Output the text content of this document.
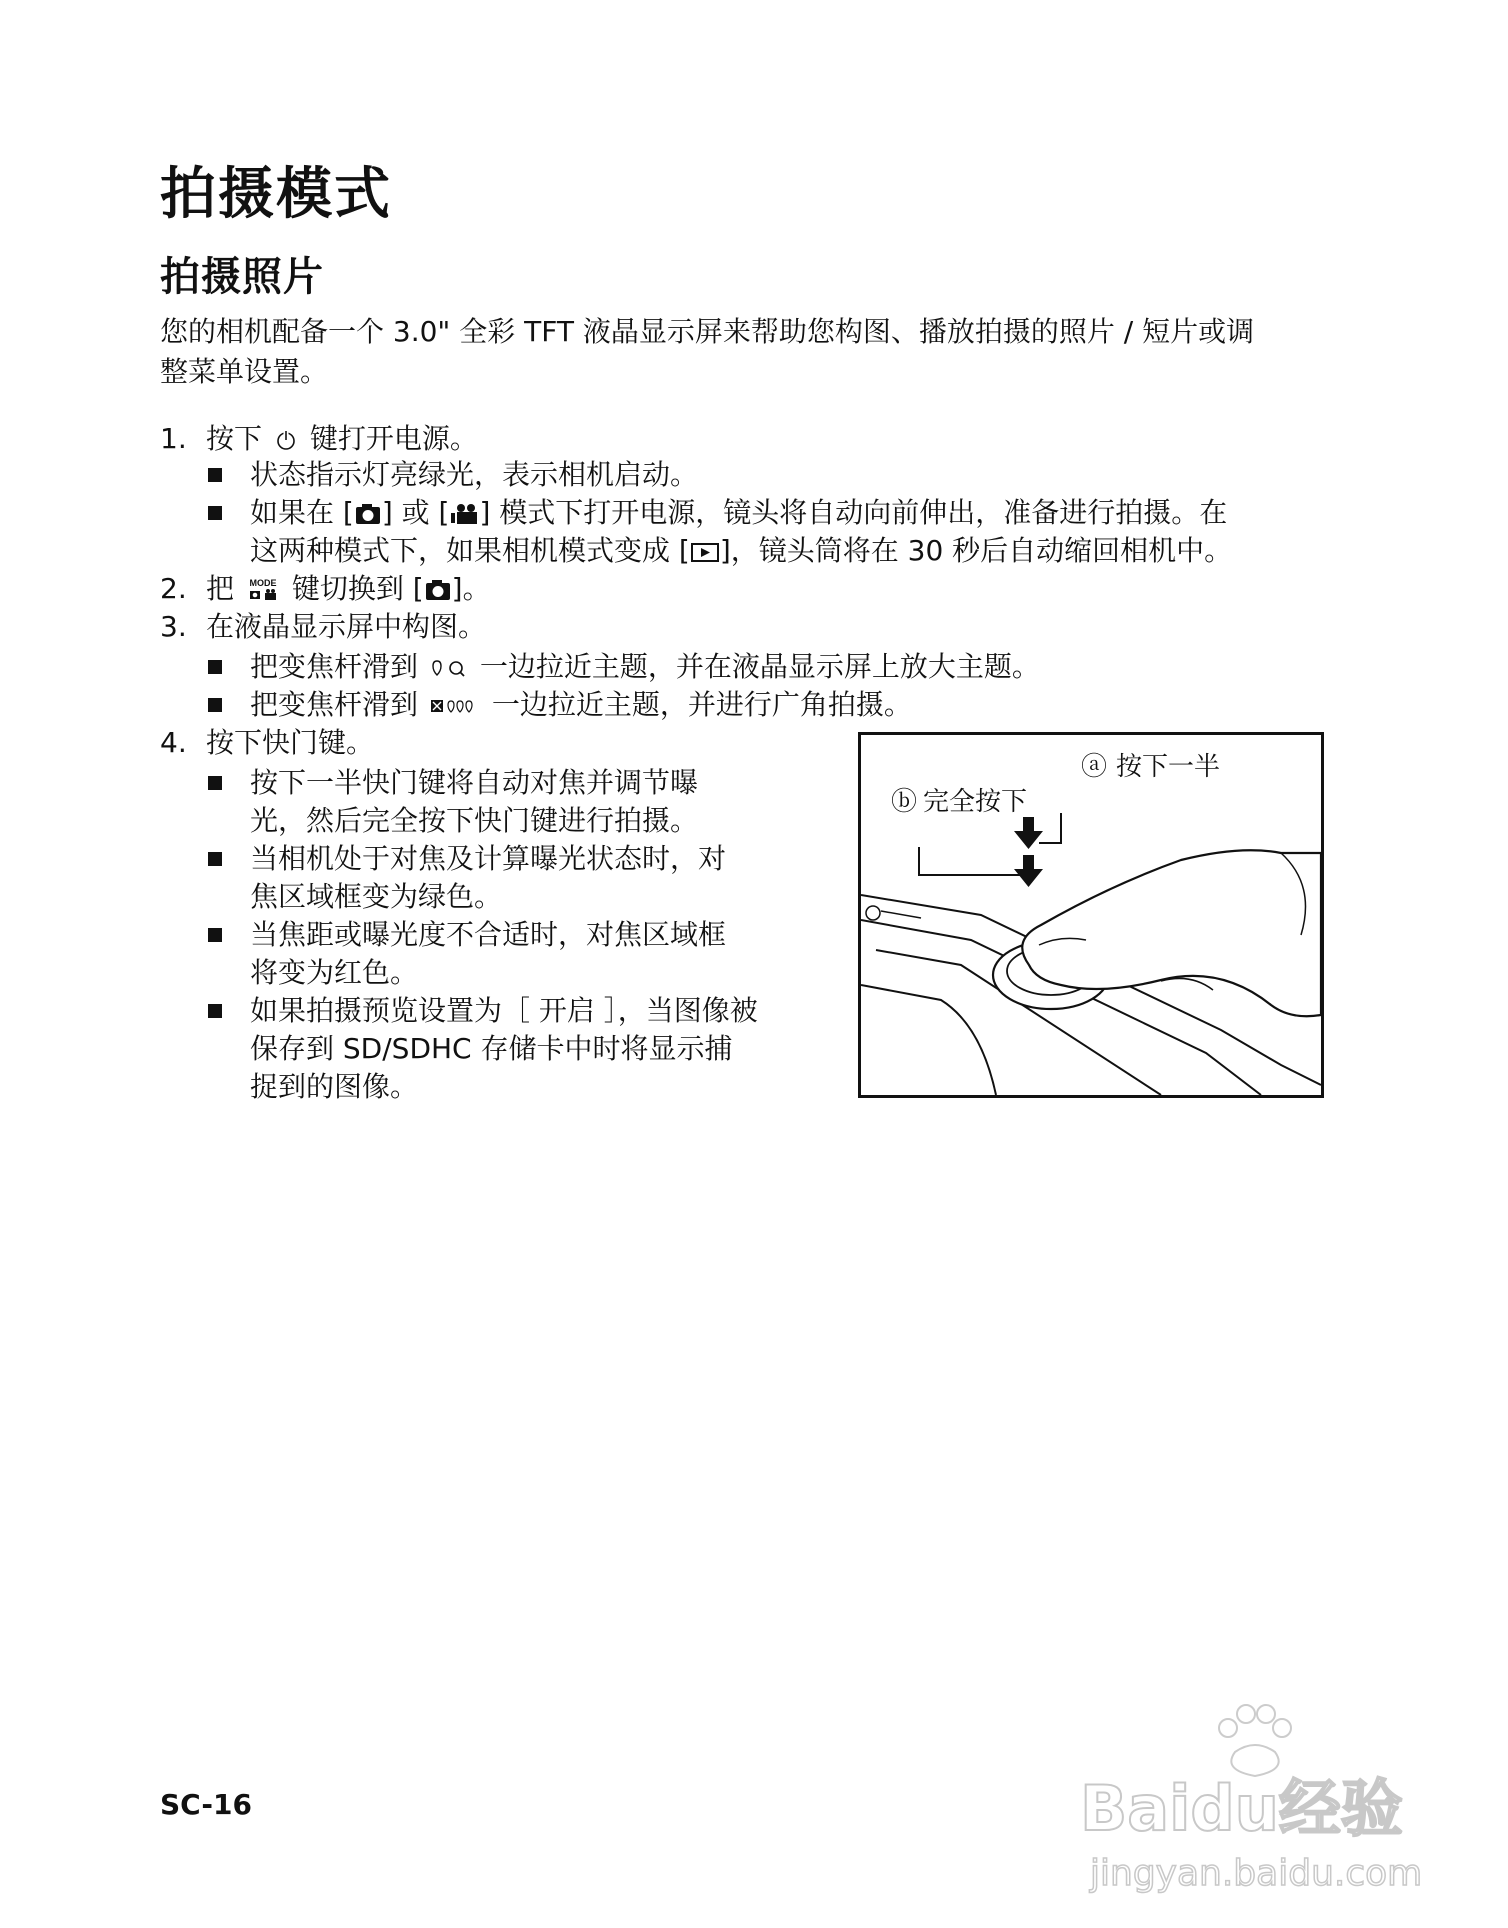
拍摄模式
拍摄照片
您的相机配备一个 3.0" 全彩 TFT 液晶显示屏来帮助您构图、播放拍摄的照片 / 短片或调
整菜单设置。
1. 按下 键打开电源。
状态指示灯亮绿光，表示相机启动。
如果在 [ ] 或 [ ] 模式下打开电源，镜头将自动向前伸出，准备进行拍摄。在
这两种模式下，如果相机模式变成 [ ]，镜头筒将在 30 秒后自动缩回相机中。
2. 把 MODE 键切换到 [ ]。
3. 在液晶显示屏中构图。
把变焦杆滑到 一边拉近主题，并在液晶显示屏上放大主题。
把变焦杆滑到	一边拉近主题，并进行广角拍摄。
4. 按下快门键。
按下一半快门键将自动对焦并调节曝
光，然后完全按下快门键进行拍摄。
当相机处于对焦及计算曝光状态时，对
焦区域框变为绿色。
当焦距或曝光度不合适时，对焦区域框
将变为红色。
如果拍摄预览设置为［ 开启 ］，当图像被
保存到 SD/SDHC 存储卡中时将显示捕
捉到的图像。
ⓐ 按下一半
ⓑ 完全按下
SC-16	Baidu经验
jingyan.baidu.com
